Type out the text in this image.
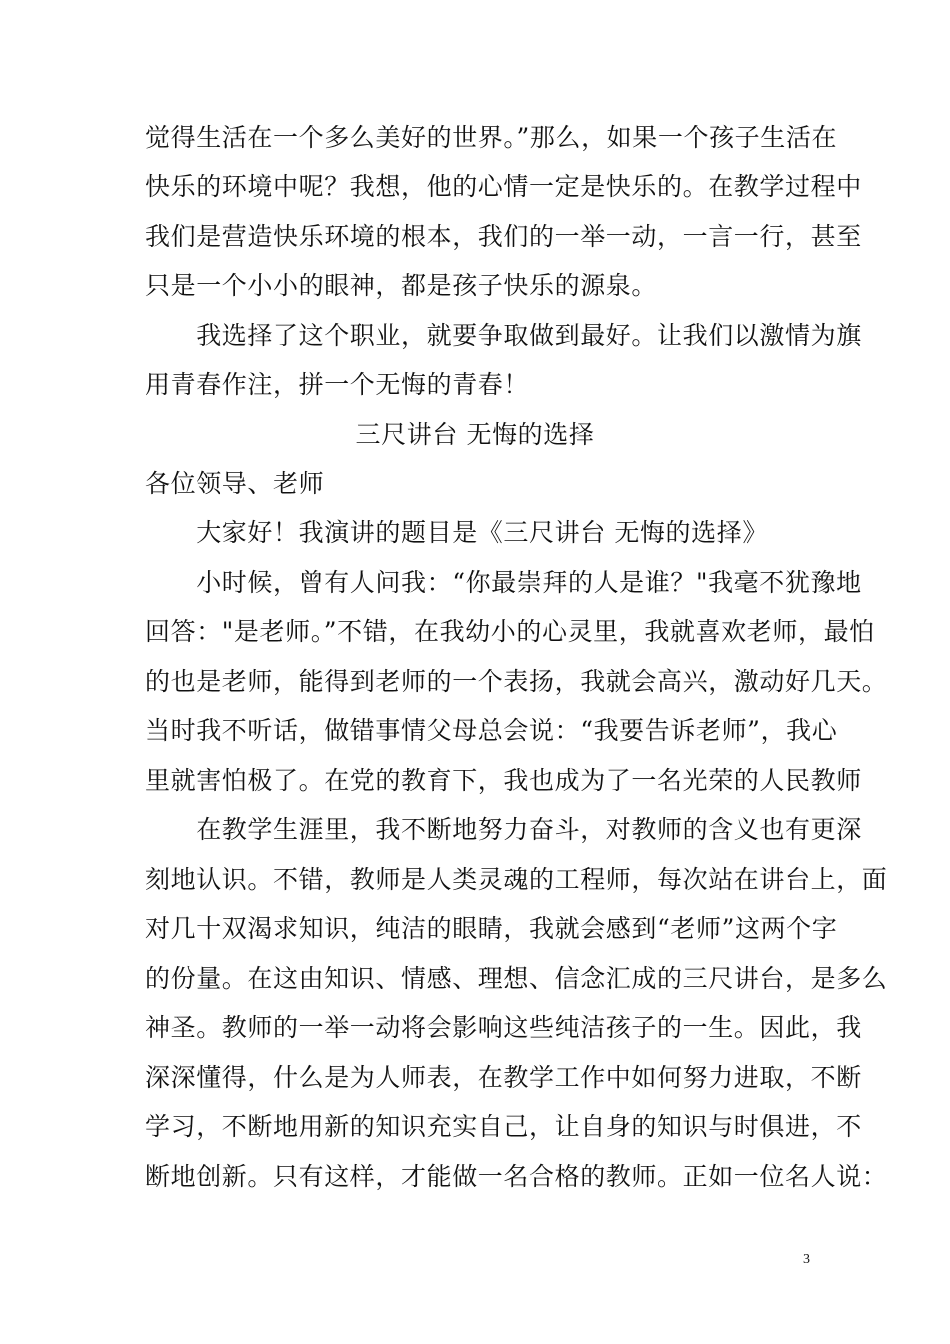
觉得生活在一个多么美好的世界。”那么，如果一个孩子生活在
快乐的环境中呢？我想，他的心情一定是快乐的。在教学过程中
我们是营造快乐环境的根本，我们的一举一动，一言一行，甚至
只是一个小小的眼神，都是孩子快乐的源泉。
　　我选择了这个职业，就要争取做到最好。让我们以激情为旗
用青春作注，拼一个无悔的青春！
三尺讲台 无悔的选择
各位领导、老师
　　大家好！我演讲的题目是《三尺讲台 无悔的选择》
　　小时候，曾有人问我：“你最崇拜的人是谁？"我毫不犹豫地
回答："是老师。”不错，在我幼小的心灵里，我就喜欢老师，最怕
的也是老师，能得到老师的一个表扬，我就会高兴，激动好几天。
当时我不听话，做错事情父母总会说：“我要告诉老师”，我心
里就害怕极了。在党的教育下，我也成为了一名光荣的人民教师
　　在教学生涯里，我不断地努力奋斗，对教师的含义也有更深
刻地认识。不错，教师是人类灵魂的工程师，每次站在讲台上，面
对几十双渴求知识，纯洁的眼睛，我就会感到“老师”这两个字
的份量。在这由知识、情感、理想、信念汇成的三尺讲台，是多么
神圣。教师的一举一动将会影响这些纯洁孩子的一生。因此，我
深深懂得，什么是为人师表，在教学工作中如何努力进取，不断
学习，不断地用新的知识充实自己，让自身的知识与时俱进，不
断地创新。只有这样，才能做一名合格的教师。正如一位名人说：
3
